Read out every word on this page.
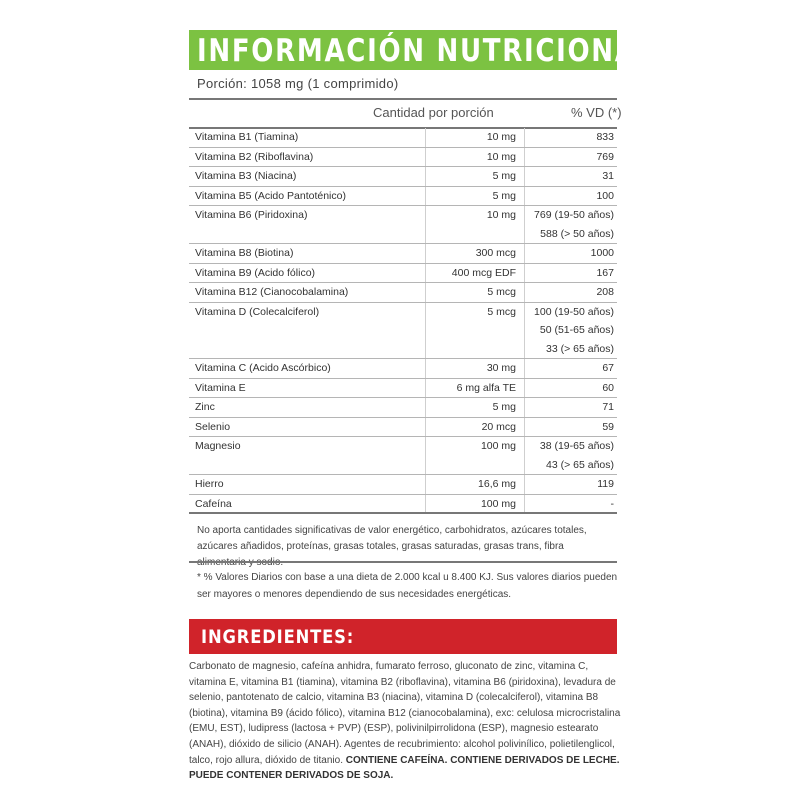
INFORMACIÓN NUTRICIONAL
Porción: 1058 mg (1 comprimido)
Cantidad por porción	% VD (*)
Vitamina B1 (Tiamina)	10 mg	833

Vitamina B2 (Riboflavina)	10 mg	769

Vitamina B3 (Niacina)	5 mg	31

Vitamina B5 (Acido Pantoténico)	5 mg	100

Vitamina B6 (Piridoxina)	10 mg	769 (19-50 años)
588 (> 50 años)

Vitamina B8 (Biotina)	300 mcg	1000

Vitamina B9 (Acido fólico)	400 mcg EDF	167

Vitamina B12 (Cianocobalamina)	5 mcg	208

Vitamina D (Colecalciferol)	5 mcg	100 (19-50 años)
50 (51-65 años)
33 (> 65 años)

Vitamina C (Acido Ascórbico)	30 mg	67

Vitamina E	6 mg alfa TE	60

Zinc	5 mg	71

Selenio	20 mcg	59

Magnesio	100 mg	38 (19-65 años)
43 (> 65 años)

Hierro	16,6 mg	119

Cafeína	100 mg	-
No aporta cantidades significativas de valor energético, carbohidratos, azúcares totales, azúcares añadidos, proteínas, grasas totales, grasas saturadas, grasas trans, fibra
* % Valores Diarios con base a una dieta de 2.000 kcal u 8.400 KJ. Sus valores diarios pueden ser mayores o menores dependiendo de sus necesidades energéticas.
INGREDIENTES:
Carbonato de magnesio, cafeína anhidra, fumarato ferroso, gluconato de zinc, vitamina C, vitamina E, vitamina B1 (tiamina), vitamina B2 (riboflavina), vitamina B6 (piridoxina), levadura de selenio, pantotenato de calcio, vitamina B3 (niacina), vitamina D (colecalciferol), vitamina B8 (biotina), vitamina B9 (ácido fólico), vitamina B12 (cianocobalamina), exc: celulosa microcristalina (EMU, EST), ludipress (lactosa + PVP) (ESP), polivinilpirrolidona (ESP), magnesio estearato (ANAH), dióxido de silicio (ANAH). Agentes de recubrimiento: alcohol polivinílico, polietilenglicol, talco, rojo allura, dióxido de titanio. CONTIENE CAFEÍNA. CONTIENE DERIVADOS DE LECHE. PUEDE CONTENER DERIVADOS DE SOJA.
